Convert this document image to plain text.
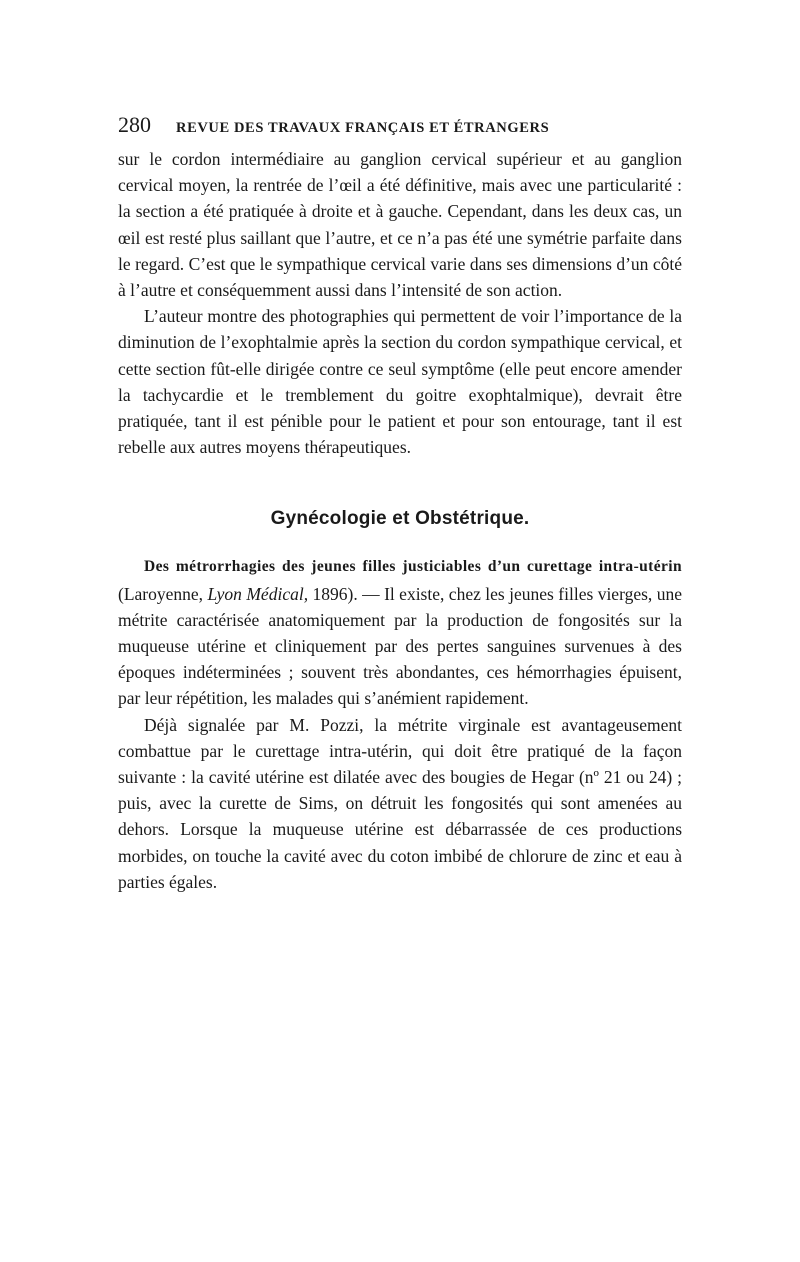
280	REVUE DES TRAVAUX FRANÇAIS ET ÉTRANGERS

sur le cordon intermédiaire au ganglion cervical supérieur et au ganglion cervical moyen, la rentrée de l’œil a été définitive, mais avec une particularité : la section a été pratiquée à droite et à gauche. Cependant, dans les deux cas, un œil est resté plus saillant que l’autre, et ce n’a pas été une symétrie parfaite dans le regard. C’est que le sympathique cervical varie dans ses dimensions d’un côté à l’autre et conséquemment aussi dans l’intensité de son action.

L’auteur montre des photographies qui permettent de voir l’importance de la diminution de l’exophtalmie après la section du cordon sympathique cervical, et cette section fût-elle dirigée contre ce seul symptôme (elle peut encore amender la tachycardie et le tremblement du goitre exophtalmique), devrait être pratiquée, tant il est pénible pour le patient et pour son entourage, tant il est rebelle aux autres moyens thérapeutiques.

Gynécologie et Obstétrique.

Des métrorrhagies des jeunes filles justiciables d’un curettage intra-utérin (Laroyenne, Lyon Médical, 1896). — Il existe, chez les jeunes filles vierges, une métrite caractérisée anatomiquement par la production de fongosités sur la muqueuse utérine et cliniquement par des pertes sanguines survenues à des époques indéterminées ; souvent très abondantes, ces hémorrhagies épuisent, par leur répétition, les malades qui s’anémient rapidement.

Déjà signalée par M. Pozzi, la métrite virginale est avantageusement combattue par le curettage intra-utérin, qui doit être pratiqué de la façon suivante : la cavité utérine est dilatée avec des bougies de Hegar (nº 21 ou 24) ; puis, avec la curette de Sims, on détruit les fongosités qui sont amenées au dehors. Lorsque la muqueuse utérine est débarrassée de ces productions morbides, on touche la cavité avec du coton imbibé de chlorure de zinc et eau à parties égales.
